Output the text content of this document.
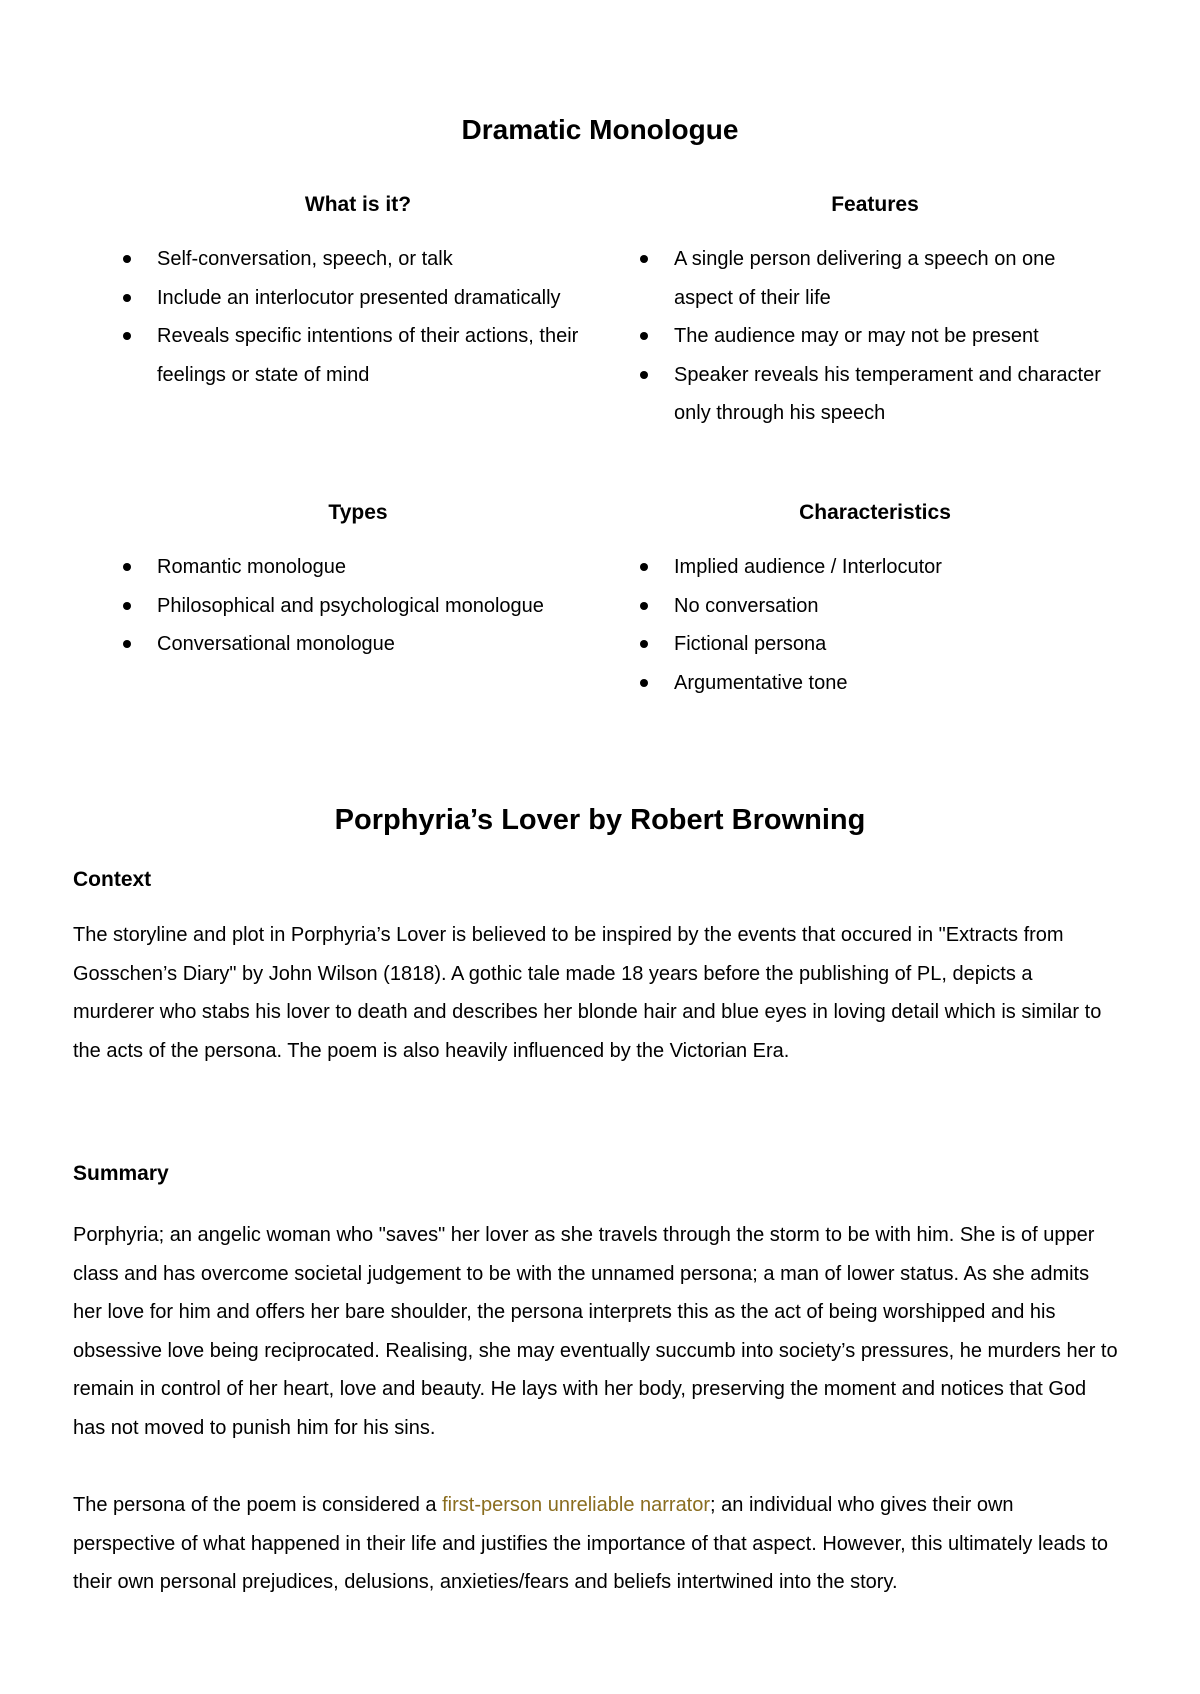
Dramatic Monologue
What is it?
Self-conversation, speech, or talk
Include an interlocutor presented dramatically
Reveals specific intentions of their actions, their feelings or state of mind
Features
A single person delivering a speech on one aspect of their life
The audience may or may not be present
Speaker reveals his temperament and character only through his speech
Types
Romantic monologue
Philosophical and psychological monologue
Conversational monologue
Characteristics
Implied audience / Interlocutor
No conversation
Fictional persona
Argumentative tone
Porphyria’s Lover by Robert Browning
Context

The storyline and plot in Porphyria’s Lover is believed to be inspired by the events that occured in "Extracts from Gosschen’s Diary" by John Wilson (1818). A gothic tale made 18 years before the publishing of PL, depicts a murderer who stabs his lover to death and describes her blonde hair and blue eyes in loving detail which is similar to the acts of the persona. The poem is also heavily influenced by the Victorian Era.

Summary

Porphyria; an angelic woman who "saves" her lover as she travels through the storm to be with him. She is of upper class and has overcome societal judgement to be with the unnamed persona; a man of lower status. As she admits her love for him and offers her bare shoulder, the persona interprets this as the act of being worshipped and his obsessive love being reciprocated. Realising, she may eventually succumb into society’s pressures, he murders her to remain in control of her heart, love and beauty. He lays with her body, preserving the moment and notices that God has not moved to punish him for his sins.

The persona of the poem is considered a first-person unreliable narrator; an individual who gives their own perspective of what happened in their life and justifies the importance of that aspect. However, this ultimately leads to their own personal prejudices, delusions, anxieties/fears and beliefs intertwined into the story.
